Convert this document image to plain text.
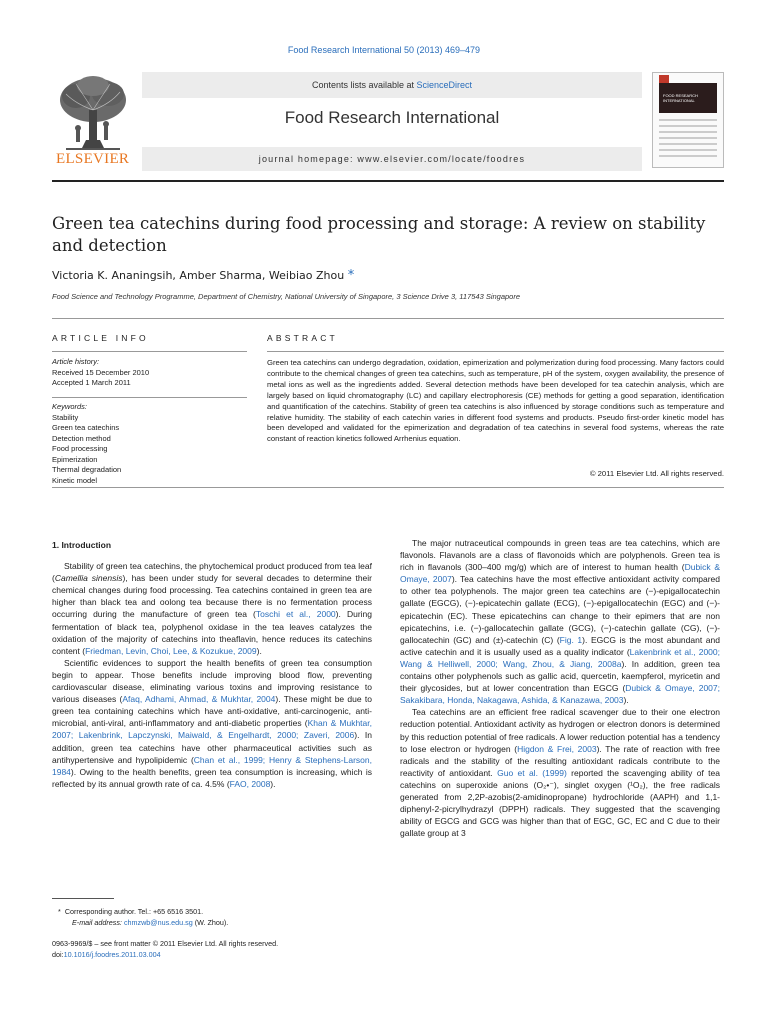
Food Research International 50 (2013) 469–479
ELSEVIER
Contents lists available at ScienceDirect
Food Research International
journal homepage: www.elsevier.com/locate/foodres
FOOD RESEARCH INTERNATIONAL
Green tea catechins during food processing and storage: A review on stability and detection
Victoria K. Ananingsih, Amber Sharma, Weibiao Zhou *
Food Science and Technology Programme, Department of Chemistry, National University of Singapore, 3 Science Drive 3, 117543 Singapore
ARTICLE INFO	ABSTRACT
Article history:
Received 15 December 2010
Accepted 1 March 2011
Keywords:
Stability
Green tea catechins
Detection method
Food processing
Epimerization
Thermal degradation
Kinetic model
Green tea catechins can undergo degradation, oxidation, epimerization and polymerization during food processing. Many factors could contribute to the chemical changes of green tea catechins, such as temperature, pH of the system, oxygen availability, the presence of metal ions as well as the ingredients added. Several detection methods have been developed for tea catechin analysis, which are largely based on liquid chromatography (LC) and capillary electrophoresis (CE) methods for getting a good separation, identification and quantification of the catechins. Stability of green tea catechins is also influenced by storage conditions such as temperature and relative humidity. The stability of each catechin varies in different food systems and products. Pseudo first-order kinetic model has been developed and validated for the epimerization and degradation of tea catechins in several food systems, whereas the rate constant of reaction kinetics followed Arrhenius equation.
© 2011 Elsevier Ltd. All rights reserved.
1. Introduction

Stability of green tea catechins, the phytochemical product produced from tea leaf (Camellia sinensis), has been under study for several decades to determine their chemical changes during food processing. Tea catechins contained in green tea are higher than black tea and oolong tea because there is no fermentation process occurring during the manufacture of green tea (Toschi et al., 2000). During fermentation of black tea, polyphenol oxidase in the tea leaves catalyzes the oxidation of the majority of catechins into theaflavin, hence reduces its catechins content (Friedman, Levin, Choi, Lee, & Kozukue, 2009).

Scientific evidences to support the health benefits of green tea consumption begin to appear. Those benefits include improving blood flow, preventing cardiovascular disease, eliminating various toxins and improving resistance to various diseases (Afaq, Adhami, Ahmad, & Mukhtar, 2004). These might be due to green tea containing catechins which have anti-oxidative, anti-carcinogenic, anti-microbial, anti-viral, anti-inflammatory and anti-diabetic properties (Khan & Mukhtar, 2007; Lakenbrink, Lapczynski, Maiwald, & Engelhardt, 2000; Zaveri, 2006). In addition, green tea catechins have other pharmaceutical activities such as antihypertensive and hypolipidemic (Chan et al., 1999; Henry & Stephens-Larson, 1984). Owing to the health benefits, green tea consumption is increasing, which is reflected by its annual growth rate of ca. 4.5% (FAO, 2008).

The major nutraceutical compounds in green teas are tea catechins, which are flavonols. Flavanols are a class of flavonoids which are polyphenols. Green tea is rich in flavanols (300–400 mg/g) which are of interest to human health (Dubick & Omaye, 2007). Tea catechins have the most effective antioxidant activity compared to other tea polyphenols. The major green tea catechins are (−)-epigallocatechin gallate (EGCG), (−)-epicatechin gallate (ECG), (−)-epigallocatechin (EGC) and (−)-epicatechin (EC). These epicatechins can change to their epimers that are non epicatechins, i.e. (−)-gallocatechin gallate (GCG), (−)-catechin gallate (CG), (−)-gallocatechin (GC) and (±)-catechin (C) (Fig. 1). EGCG is the most abundant and active catechin and it is usually used as a quality indicator (Lakenbrink et al., 2000; Wang & Helliwell, 2000; Wang, Zhou, & Jiang, 2008a). In addition, green tea contains other polyphenols such as gallic acid, quercetin, kaempferol, myricetin and their glycosides, but at lower concentration than EGCG (Dubick & Omaye, 2007; Sakakibara, Honda, Nakagawa, Ashida, & Kanazawa, 2003).

Tea catechins are an efficient free radical scavenger due to their one electron reduction potential. Antioxidant activity as hydrogen or electron donors is determined by this reduction potential of free radicals. A lower reduction potential has a tendency to lose electron or hydrogen (Higdon & Frei, 2003). The rate of reaction with free radicals and the stability of the resulting antioxidant radicals contribute to the reactivity of antioxidant. Guo et al. (1999) reported the scavenging ability of tea catechins on superoxide anions (O₂•⁻), singlet oxygen (¹O₂), the free radicals generated from 2,2P-azobis(2-amidinopropane) hydrochloride (AAPH) and 1,1-diphenyl-2-picrylhydrazyl (DPPH) radicals. They suggested that the scavenging ability of EGCG and GCG was higher than that of EGC, GC, EC and C due to their gallate group at 3

* Corresponding author. Tel.: +65 6516 3501.
E-mail address: chmzwb@nus.edu.sg (W. Zhou).
0963-9969/$ – see front matter © 2011 Elsevier Ltd. All rights reserved.
doi:10.1016/j.foodres.2011.03.004
